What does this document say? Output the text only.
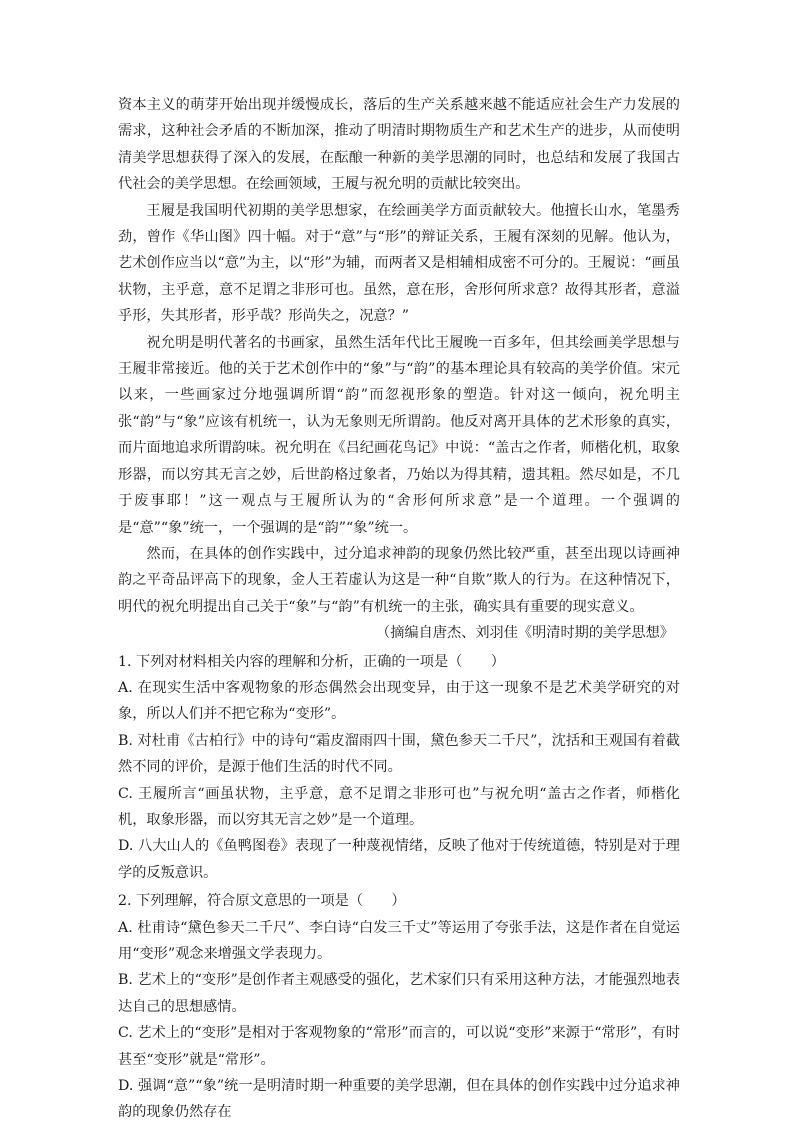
资本主义的萌芽开始出现并缓慢成长，落后的生产关系越来越不能适应社会生产力发展的需求，这种社会矛盾的不断加深，推动了明清时期物质生产和艺术生产的进步，从而使明清美学思想获得了深入的发展，在酝酿一种新的美学思潮的同时，也总结和发展了我国古代社会的美学思想。在绘画领域，王履与祝允明的贡献比较突出。

王履是我国明代初期的美学思想家，在绘画美学方面贡献较大。他擅长山水，笔墨秀劲，曾作《华山图》四十幅。对于“意”与“形”的辩证关系，王履有深刻的见解。他认为，艺术创作应当以“意”为主，以“形”为辅，而两者又是相辅相成密不可分的。王履说：“画虽状物，主乎意，意不足谓之非形可也。虽然，意在形，舍形何所求意？故得其形者，意溢乎形，失其形者，形乎哉？形尚失之，况意？”

祝允明是明代著名的书画家，虽然生活年代比王履晚一百多年，但其绘画美学思想与王履非常接近。他的关于艺术创作中的“象”与“韵”的基本理论具有较高的美学价值。宋元以来，一些画家过分地强调所谓“韵”而忽视形象的塑造。针对这一倾向，祝允明主张“韵”与“象”应该有机统一，认为无象则无所谓韵。他反对离开具体的艺术形象的真实，而片面地追求所谓韵味。祝允明在《吕纪画花鸟记》中说：“盖古之作者，师楷化机，取象形器，而以穷其无言之妙，后世韵格过象者，乃始以为得其精，遗其粗。然尽如是，不几于废事耶！”这一观点与王履所认为的“舍形何所求意”是一个道理。一个强调的是“意”“象”统一，一个强调的是“韵”“象”统一。

然而，在具体的创作实践中，过分追求神韵的现象仍然比较严重，甚至出现以诗画神韵之平奇品评高下的现象，金人王若虚认为这是一种“自欺”欺人的行为。在这种情况下，明代的祝允明提出自己关于“象”与“韵”有机统一的主张，确实具有重要的现实意义。

（摘编自唐杰、刘羽佳《明清时期的美学思想》

1. 下列对材料相关内容的理解和分析，正确的一项是（　　）

A. 在现实生活中客观物象的形态偶然会出现变异，由于这一现象不是艺术美学研究的对象，所以人们并不把它称为“变形”。

B. 对杜甫《古柏行》中的诗句“霜皮溜雨四十围，黛色参天二千尺”，沈括和王观国有着截然不同的评价，是源于他们生活的时代不同。

C. 王履所言“画虽状物，主乎意，意不足谓之非形可也”与祝允明“盖古之作者，师楷化机，取象形器，而以穷其无言之妙”是一个道理。

D. 八大山人的《鱼鸭图卷》表现了一种蔑视情绪，反映了他对于传统道德，特别是对于理学的反叛意识。

2. 下列理解，符合原文意思的一项是（　　）

A. 杜甫诗“黛色参天二千尺”、李白诗“白发三千丈”等运用了夸张手法，这是作者在自觉运用“变形”观念来增强文学表现力。

B. 艺术上的“变形”是创作者主观感受的强化，艺术家们只有采用这种方法，才能强烈地表达自己的思想感情。

C. 艺术上的“变形”是相对于客观物象的“常形”而言的，可以说“变形”来源于“常形”，有时甚至“变形”就是“常形”。

D. 强调“意”“象”统一是明清时期一种重要的美学思潮，但在具体的创作实践中过分追求神韵的现象仍然存在
